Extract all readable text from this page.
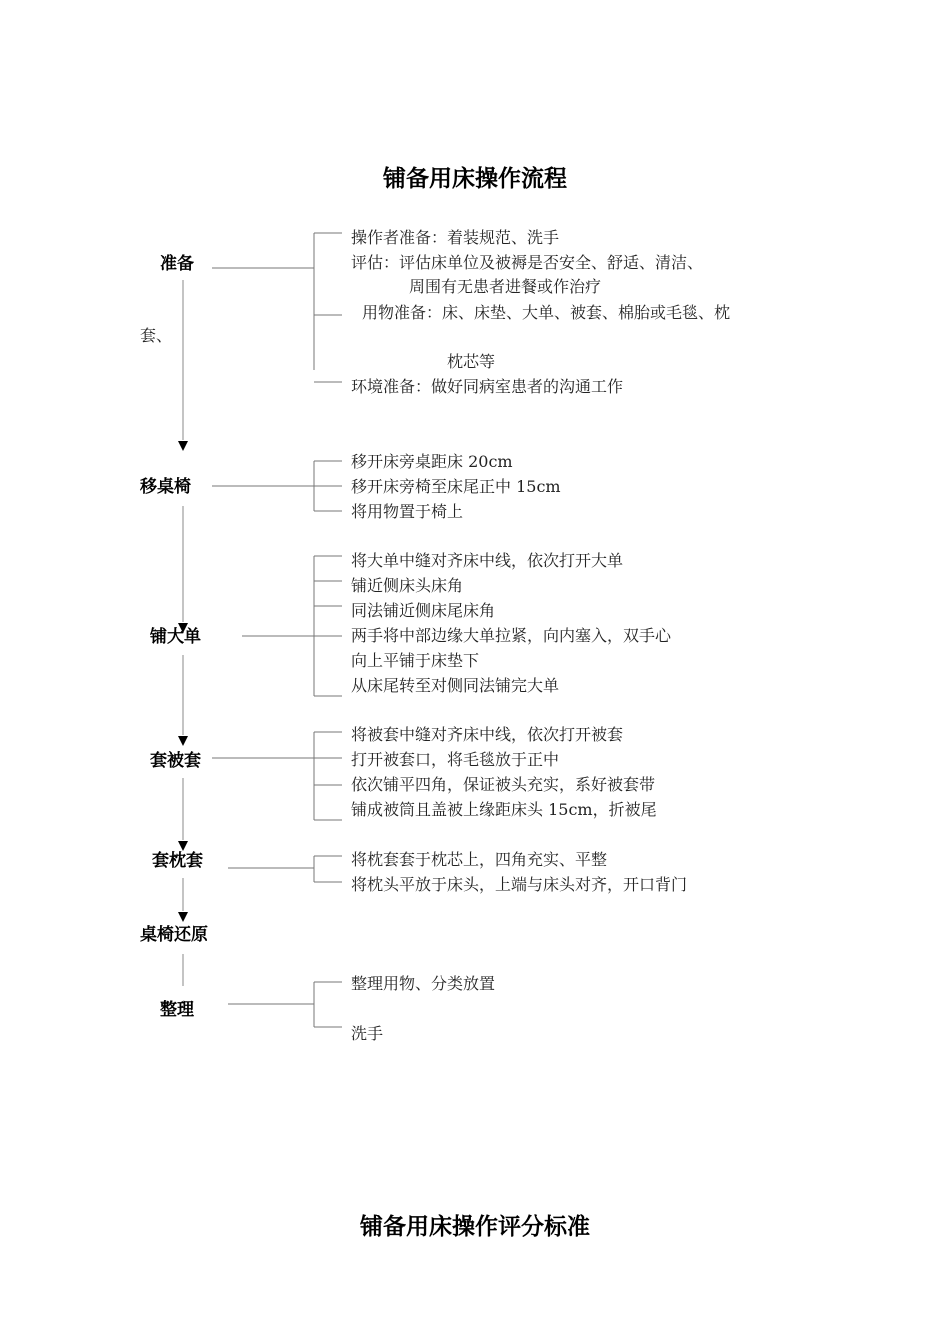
铺备用床操作流程
准备
移桌椅
铺大单
套被套
套枕套
桌椅还原
整理
套、
操作者准备：着装规范、洗手
评估：评估床单位及被褥是否安全、舒适、清洁、
周围有无患者进餐或作治疗
用物准备：床、床垫、大单、被套、棉胎或毛毯、枕
枕芯等
环境准备：做好同病室患者的沟通工作
移开床旁桌距床 20cm
移开床旁椅至床尾正中 15cm
将用物置于椅上
将大单中缝对齐床中线，依次打开大单
铺近侧床头床角
同法铺近侧床尾床角
两手将中部边缘大单拉紧，向内塞入，双手心
向上平铺于床垫下
从床尾转至对侧同法铺完大单
将被套中缝对齐床中线，依次打开被套
打开被套口，将毛毯放于正中
依次铺平四角，保证被头充实，系好被套带
铺成被筒且盖被上缘距床头 15cm，折被尾
将枕套套于枕芯上，四角充实、平整
将枕头平放于床头，上端与床头对齐，开口背门
整理用物、分类放置
洗手
铺备用床操作评分标准
